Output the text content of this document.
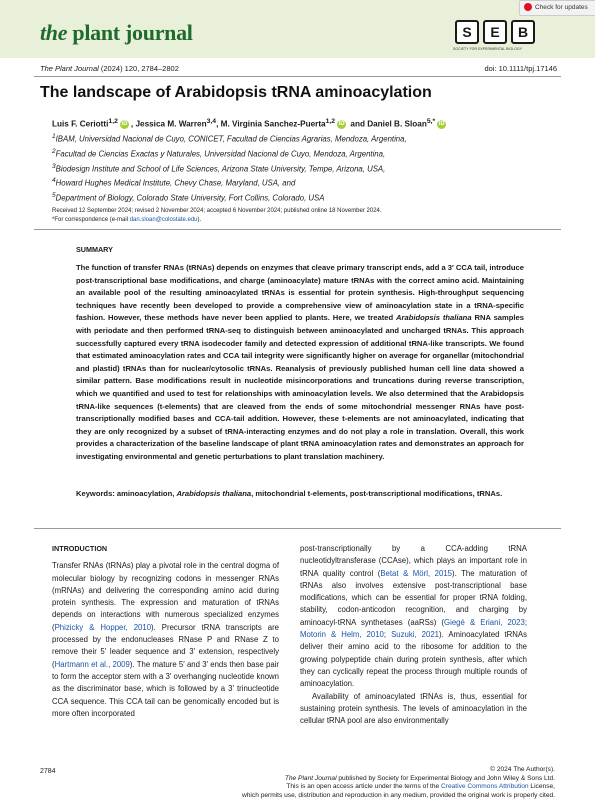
the plant journal	S	E	B
SOCIETY FOR EXPERIMENTAL BIOLOGY
Check for updates
The Plant Journal (2024) 120, 2784–2802	doi: 10.1111/tpj.17146
The landscape of Arabidopsis tRNA aminoacylation
Luis F. Ceriotti$^{1,2}$ iD , Jessica M. Warren$^{3,4}$, M. Virginia Sanchez-Puerta$^{1,2}$ iD and Daniel B. Sloan$^{5,*}$ iD
$^1$IBAM, Universidad Nacional de Cuyo, CONICET, Facultad de Ciencias Agrarias, Mendoza, Argentina,
$^2$Facultad de Ciencias Exactas y Naturales, Universidad Nacional de Cuyo, Mendoza, Argentina,
$^3$Biodesign Institute and School of Life Sciences, Arizona State University, Tempe, Arizona, USA,
$^4$Howard Hughes Medical Institute, Chevy Chase, Maryland, USA, and
$^5$Department of Biology, Colorado State University, Fort Collins, Colorado, USA
Received 12 September 2024; revised 2 November 2024; accepted 6 November 2024; published online 18 November 2024.
*For correspondence (e-mail dan.sloan@colostate.edu).
SUMMARY
The function of transfer RNAs (tRNAs) depends on enzymes that cleave primary transcript ends, add a 3′ CCA tail, introduce post-transcriptional base modifications, and charge (aminoacylate) mature tRNAs with the correct amino acid. Maintaining an available pool of the resulting aminoacylated tRNAs is essential for protein synthesis. High-throughput sequencing techniques have recently been developed to provide a comprehensive view of aminoacylation state in a tRNA-specific fashion. However, these methods have never been applied to plants. Here, we treated Arabidopsis thaliana RNA samples with periodate and then performed tRNA-seq to distinguish between aminoacylated and uncharged tRNAs. This approach successfully captured every tRNA isodecoder family and detected expression of additional tRNA-like transcripts. We found that estimated aminoacylation rates and CCA tail integrity were significantly higher on average for organellar (mitochondrial and plastid) tRNAs than for nuclear/cytosolic tRNAs. Reanalysis of previously published human cell line data showed a similar pattern. Base modifications result in nucleotide misincorporations and truncations during reverse transcription, which we quantified and used to test for relationships with aminoacylation levels. We also determined that the Arabidopsis tRNA-like sequences (t-elements) that are cleaved from the ends of some mitochondrial messenger RNAs have post-transcriptionally modified bases and CCA-tail addition. However, these t-elements are not aminoacylated, indicating that they are only recognized by a subset of tRNA-interacting enzymes and do not play a role in translation. Overall, this work provides a characterization of the baseline landscape of plant tRNA aminoacylation rates and demonstrates an approach for investigating environmental and genetic perturbations to plant translation machinery.
Keywords: aminoacylation, Arabidopsis thaliana, mitochondrial t-elements, post-transcriptional modifications, tRNAs.
INTRODUCTION
Transfer RNAs (tRNAs) play a pivotal role in the central dogma of molecular biology by recognizing codons in messenger RNAs (mRNAs) and delivering the corresponding amino acid during protein synthesis. The expression and maturation of tRNAs depends on interactions with numerous specialized enzymes (Phizicky & Hopper, 2010). Precursor tRNA transcripts are processed by the endonucleases RNase P and RNase Z to remove their 5′ leader sequence and 3′ extension, respectively (Hartmann et al., 2009). The mature 5′ and 3′ ends then base pair to form the acceptor stem with a 3′ overhanging nucleotide known as the discriminator base, which is followed by a 3′ trinucleotide CCA sequence. This CCA tail can be genomically encoded but is more often incorporated
post-transcriptionally by a CCA-adding tRNA nucleotidyltransferase (CCAse), which plays an important role in tRNA quality control (Betat & Mörl, 2015). The maturation of tRNAs also involves extensive post-transcriptional base modifications, which can be essential for proper tRNA folding, stability, codon-anticodon recognition, and charging by aminoacyl-tRNA synthetases (aaRSs) (Giegé & Eriani, 2023; Motorin & Helm, 2010; Suzuki, 2021). Aminoacylated tRNAs deliver their amino acid to the ribosome for addition to the growing polypeptide chain during protein synthesis, after which they can cyclically repeat the process through multiple rounds of aminoacylation.
Availability of aminoacylated tRNAs is, thus, essential for sustaining protein synthesis. The levels of aminoacylation in the cellular tRNA pool are also environmentally
2784	© 2024 The Author(s).
The Plant Journal published by Society for Experimental Biology and John Wiley & Sons Ltd.
This is an open access article under the terms of the Creative Commons Attribution License,
which permits use, distribution and reproduction in any medium, provided the original work is properly cited.
